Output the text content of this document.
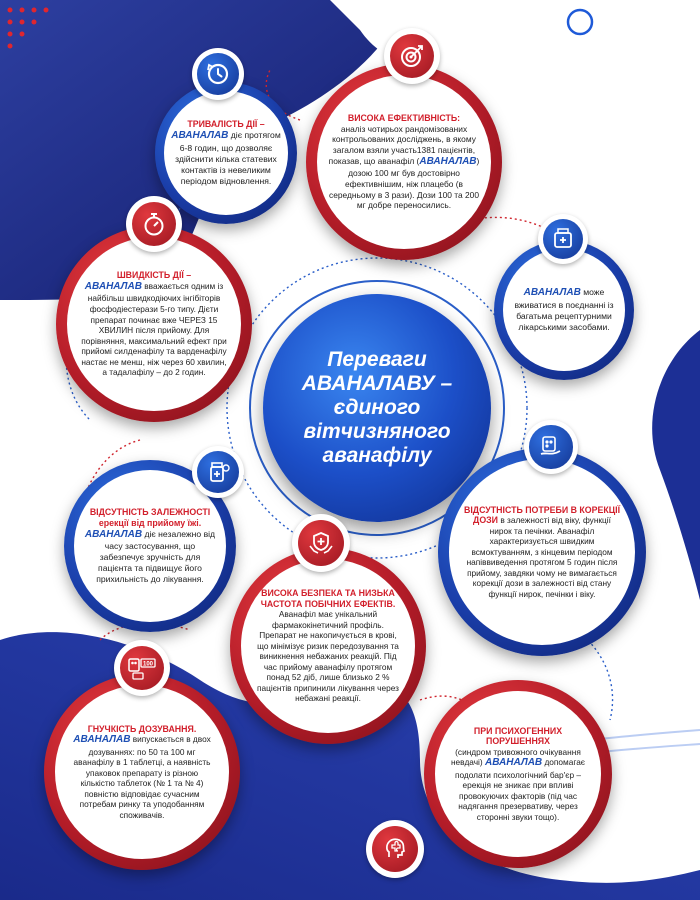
Переваги
АВАНАЛАВУ –
єдиного
вітчизняного
аванафілу

ТРИВАЛІСТЬ ДІЇ –
АВАНАЛАВ діє протягом 6-8 годин, що дозволяє здійснити кілька статевих контактів із невеликим періодом відновлення.

ВИСОКА ЕФЕКТИВНІСТЬ:
аналіз чотирьох рандомізованих контрольованих досліджень, в якому загалом взяли участь1381 пацієнтів, показав, що аванафіл (АВАНАЛАВ) дозою 100 мг був достовірно ефективнішим, ніж плацебо (в середньому в 3 рази). Дози 100 та 200 мг добре переносились.

ШВИДКІСТЬ ДІЇ –
АВАНАЛАВ вважається одним із найбільш швидкодіючих інгібіторів фосфодіестерази 5-го типу. Дієти препарат починає вже ЧЕРЕЗ 15 ХВИЛИН після прийому. Для порівняння, максимальний ефект при прийомі силденафілу та варденафілу настає не менш, ніж через 60 хвилин, а тадалафілу – до 2 годин.

АВАНАЛАВ може вживатися в поєднанні із багатьма рецептурними лікарськими засобами.

ВІДСУТНІСТЬ ЗАЛЕЖНОСТІ ерекції від прийому їжі.
АВАНАЛАВ діє незалежно від часу застосування, що забезпечує зручність для пацієнта та підвищує його прихильність до лікування.

ВІДСУТНІСТЬ ПОТРЕБИ В КОРЕКЦІЇ ДОЗИ в залежності від віку, функції нирок та печінки. Аванафіл характеризується швидким всмоктуванням, з кінцевим періодом напіввиведення протягом 5 годин після прийому, завдяки чому не вимагається корекції дози в залежності від стану функції нирок, печінки і віку.

ВИСОКА БЕЗПЕКА ТА НИЗЬКА ЧАСТОТА ПОБІЧНИХ ЕФЕКТІВ.
Аванафіл має унікальний фармакокінетичний профіль. Препарат не накопичується в крові, що мінімізує ризик передозування та виникнення небажаних реакцій. Під час прийому аванафілу протягом понад 52 діб, лише близько 2 % пацієнтів припинили лікування через небажані реакції.

ГНУЧКІСТЬ ДОЗУВАННЯ.
АВАНАЛАВ випускається в двох дозуваннях: по 50 та 100 мг аванафілу в 1 таблетці, а наявність упаковок препарату із різною кількістю таблеток (№ 1 та № 4) повністю відповідає сучасним потребам ринку та уподобанням споживачів.

100

ПРИ ПСИХОГЕННИХ ПОРУШЕННЯХ
(синдром тривожного очікування невдачі) АВАНАЛАВ допомагає подолати психологічний бар'єр – ерекція не зникає при впливі провокуючих факторів (під час надягання презервативу, через сторонні звуки тощо).
